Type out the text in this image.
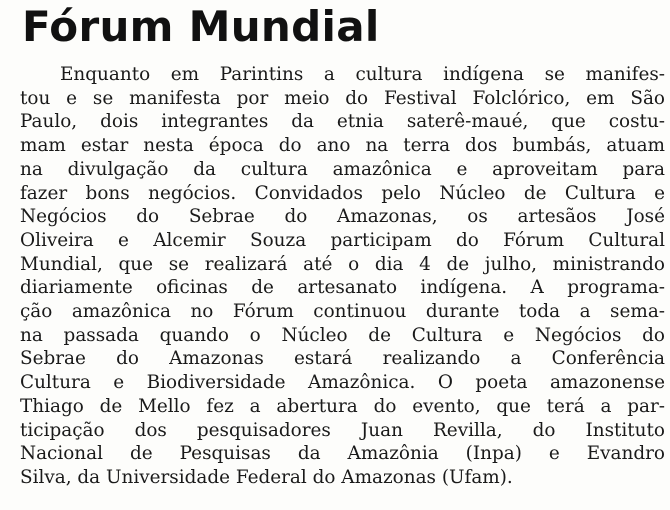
Fórum Mundial
Enquanto em Parintins a cultura indígena se manifes-
tou e se manifesta por meio do Festival Folclórico, em São
Paulo, dois integrantes da etnia saterê-maué, que costu-
mam estar nesta época do ano na terra dos bumbás, atuam
na divulgação da cultura amazônica e aproveitam para
fazer bons negócios. Convidados pelo Núcleo de Cultura e
Negócios do Sebrae do Amazonas, os artesãos José
Oliveira e Alcemir Souza participam do Fórum Cultural
Mundial, que se realizará até o dia 4 de julho, ministrando
diariamente oficinas de artesanato indígena. A programa-
ção amazônica no Fórum continuou durante toda a sema-
na passada quando o Núcleo de Cultura e Negócios do
Sebrae do Amazonas estará realizando a Conferência
Cultura e Biodiversidade Amazônica. O poeta amazonense
Thiago de Mello fez a abertura do evento, que terá a par-
ticipação dos pesquisadores Juan Revilla, do Instituto
Nacional de Pesquisas da Amazônia (Inpa) e Evandro
Silva, da Universidade Federal do Amazonas (Ufam).
